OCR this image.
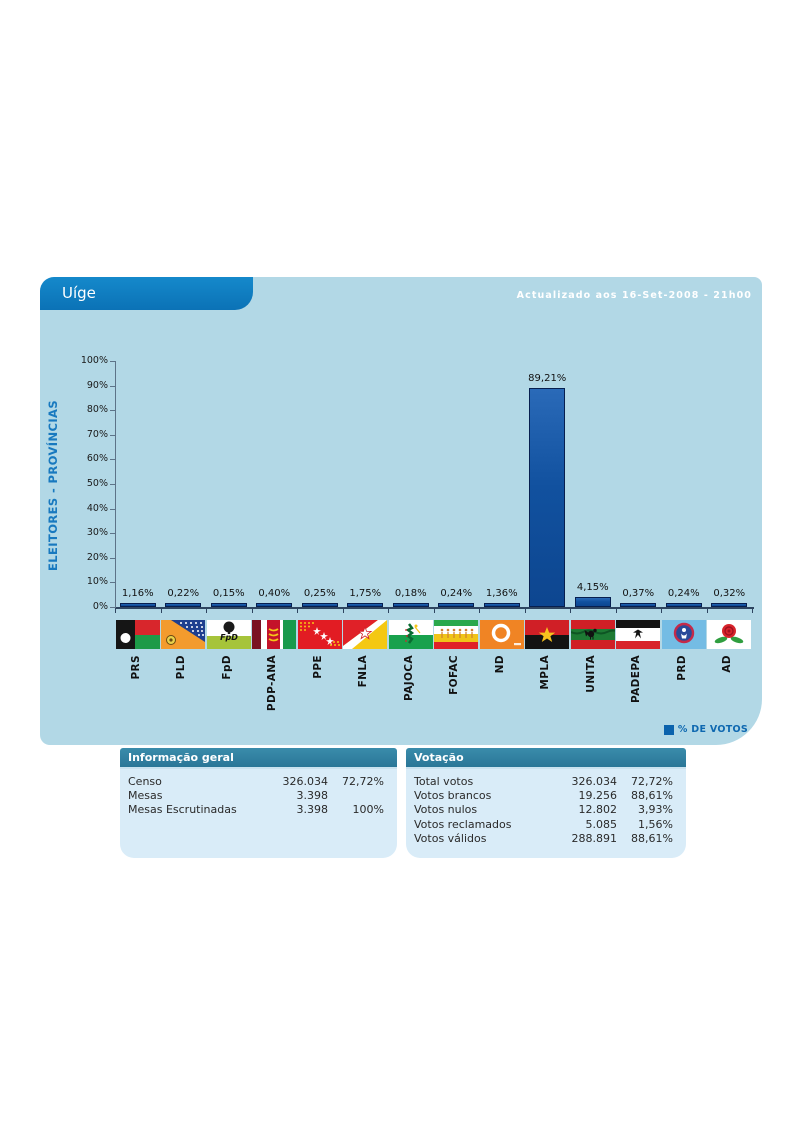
ELEITORES - PROVÍNCIAS
0%
10%
20%
30%
40%
50%
60%
70%
80%
90%
100%
1,16%
PRS
0,22%
PLD
0,15%
FpD
FpD
0,40%
PDP-ANA
0,25%
PPE
1,75%
FNLA
0,18%
PAJOCA
0,24%
FOFAC
1,36%
ND
89,21%
MPLA
4,15%
UNITA
0,37%
PADEPA
0,24%
PRD
0,32%
AD
Uíge	Actualizado aos 16-Set-2008 - 21h00
% DE VOTOS
Informação geral
Censo	326.034	72,72%
Mesas	3.398
Mesas Escrutinadas	3.398	100%
Votação
Total votos	326.034	72,72%
Votos brancos	19.256	88,61%
Votos nulos	12.802	3,93%
Votos reclamados	5.085	1,56%
Votos válidos	288.891	88,61%
